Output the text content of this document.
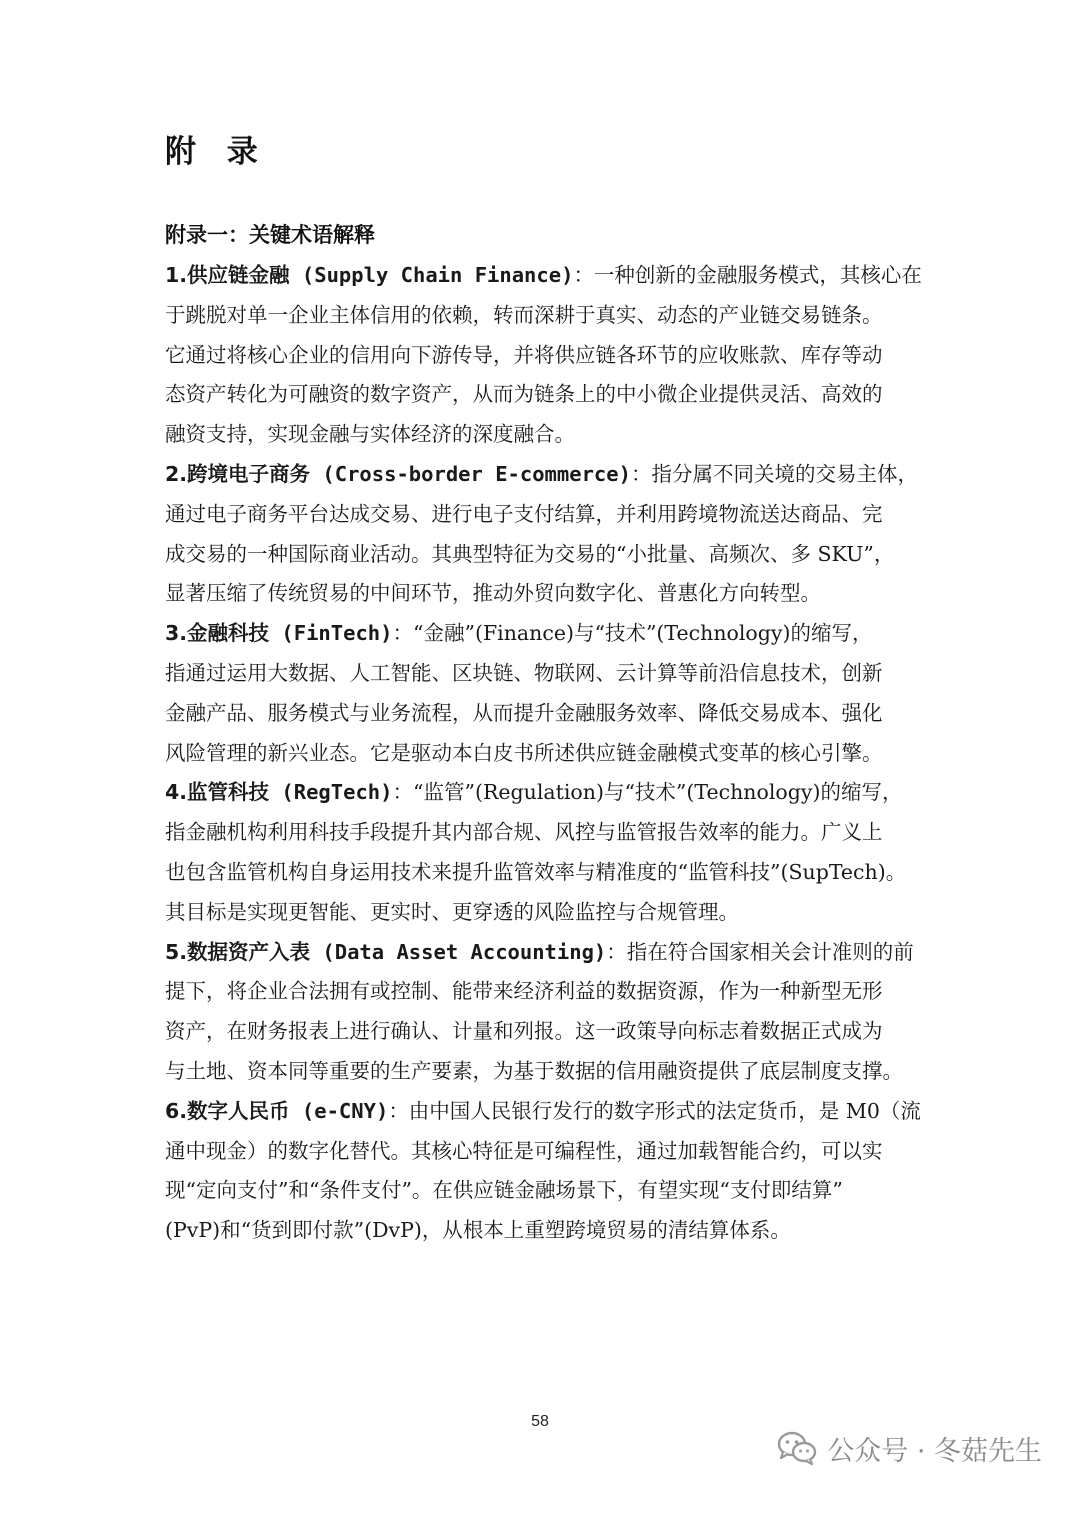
附 录
附录一：关键术语解释
1.供应链金融 (Supply Chain Finance)：一种创新的金融服务模式，其核心在
于跳脱对单一企业主体信用的依赖，转而深耕于真实、动态的产业链交易链条。
它通过将核心企业的信用向下游传导，并将供应链各环节的应收账款、库存等动
态资产转化为可融资的数字资产，从而为链条上的中小微企业提供灵活、高效的
融资支持，实现金融与实体经济的深度融合。
2.跨境电子商务 (Cross-border E-commerce)：指分属不同关境的交易主体，
通过电子商务平台达成交易、进行电子支付结算，并利用跨境物流送达商品、完
成交易的一种国际商业活动。其典型特征为交易的“小批量、高频次、多 SKU”，
显著压缩了传统贸易的中间环节，推动外贸向数字化、普惠化方向转型。
3.金融科技 (FinTech)：“金融”(Finance)与“技术”(Technology)的缩写，
指通过运用大数据、人工智能、区块链、物联网、云计算等前沿信息技术，创新
金融产品、服务模式与业务流程，从而提升金融服务效率、降低交易成本、强化
风险管理的新兴业态。它是驱动本白皮书所述供应链金融模式变革的核心引擎。
4.监管科技 (RegTech)：“监管”(Regulation)与“技术”(Technology)的缩写，
指金融机构利用科技手段提升其内部合规、风控与监管报告效率的能力。广义上
也包含监管机构自身运用技术来提升监管效率与精准度的“监管科技”(SupTech)。
其目标是实现更智能、更实时、更穿透的风险监控与合规管理。
5.数据资产入表 (Data Asset Accounting)：指在符合国家相关会计准则的前
提下，将企业合法拥有或控制、能带来经济利益的数据资源，作为一种新型无形
资产，在财务报表上进行确认、计量和列报。这一政策导向标志着数据正式成为
与土地、资本同等重要的生产要素，为基于数据的信用融资提供了底层制度支撑。
6.数字人民币 (e-CNY)：由中国人民银行发行的数字形式的法定货币，是 M0（流
通中现金）的数字化替代。其核心特征是可编程性，通过加载智能合约，可以实
现“定向支付”和“条件支付”。在供应链金融场景下，有望实现“支付即结算”
(PvP)和“货到即付款”(DvP)，从根本上重塑跨境贸易的清结算体系。
58
公众号 · 冬菇先生
